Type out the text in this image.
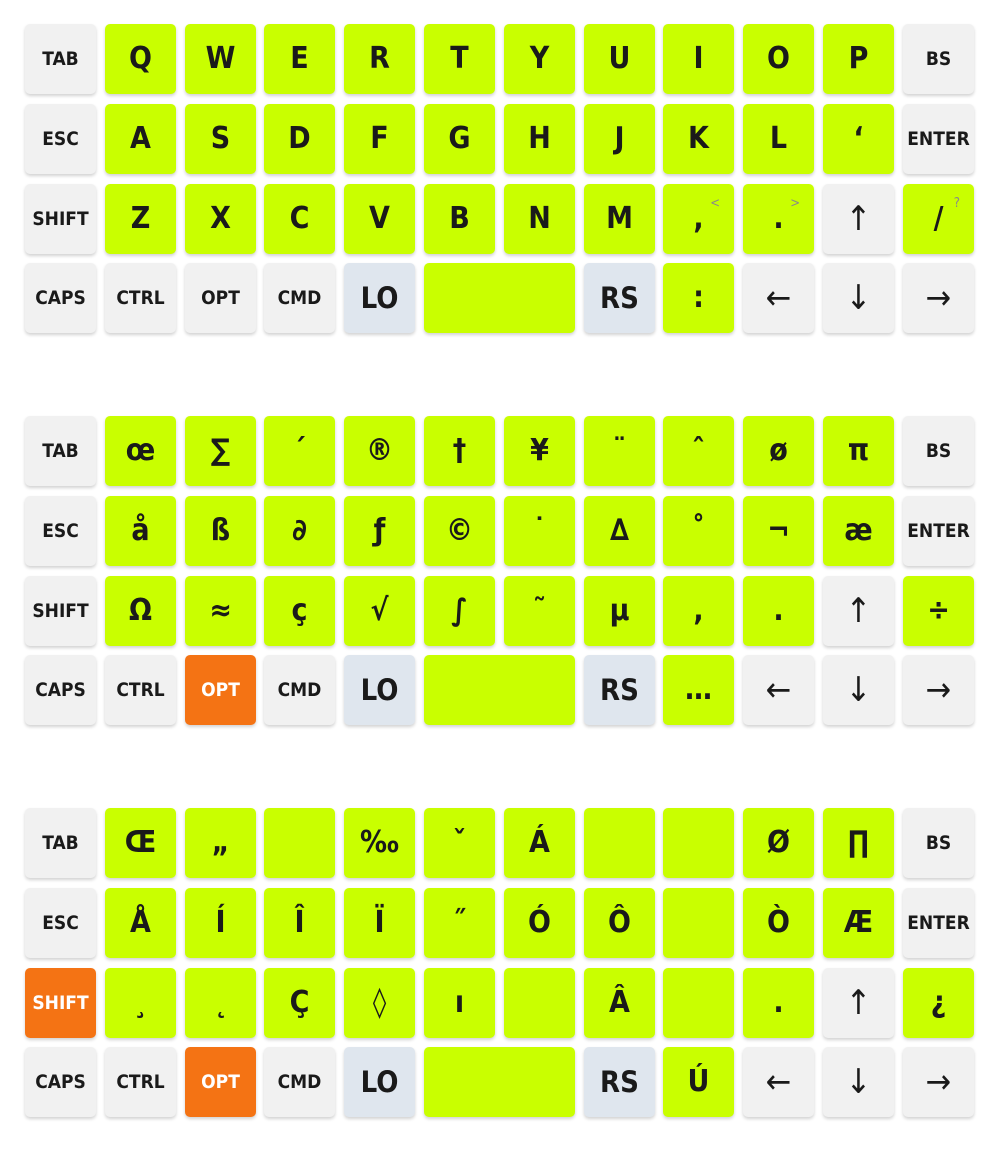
TAB Q W E R T Y U I O P	BS
ESC A S D F G H J K L ‘ ENTER
SHIFT Z X C V B N M , < . > ↑ / ?
CAPS CTRL OPT CMD LO	RS : ← ↓ →
TAB œ ∑ ´ ® † ¥ ¨ ˆ ø π	BS
ESC å ß ∂ ƒ © ˙ ∆ ˚ ¬ æ ENTER
SHIFT Ω ≈ ç √ ∫ ˜ µ , . ↑ ÷
CAPS CTRL OPT CMD LO	RS … ← ↓ →
TAB Œ „	‰ ˇ Á	Ø ∏	BS
ESC Å Í Î Ï ˝ Ó Ô	Ò Æ ENTER
SHIFT ¸ ˛ Ç ◊ ı	Â	. ↑ ¿
CAPS CTRL OPT CMD LO	RS Ú ← ↓ →
